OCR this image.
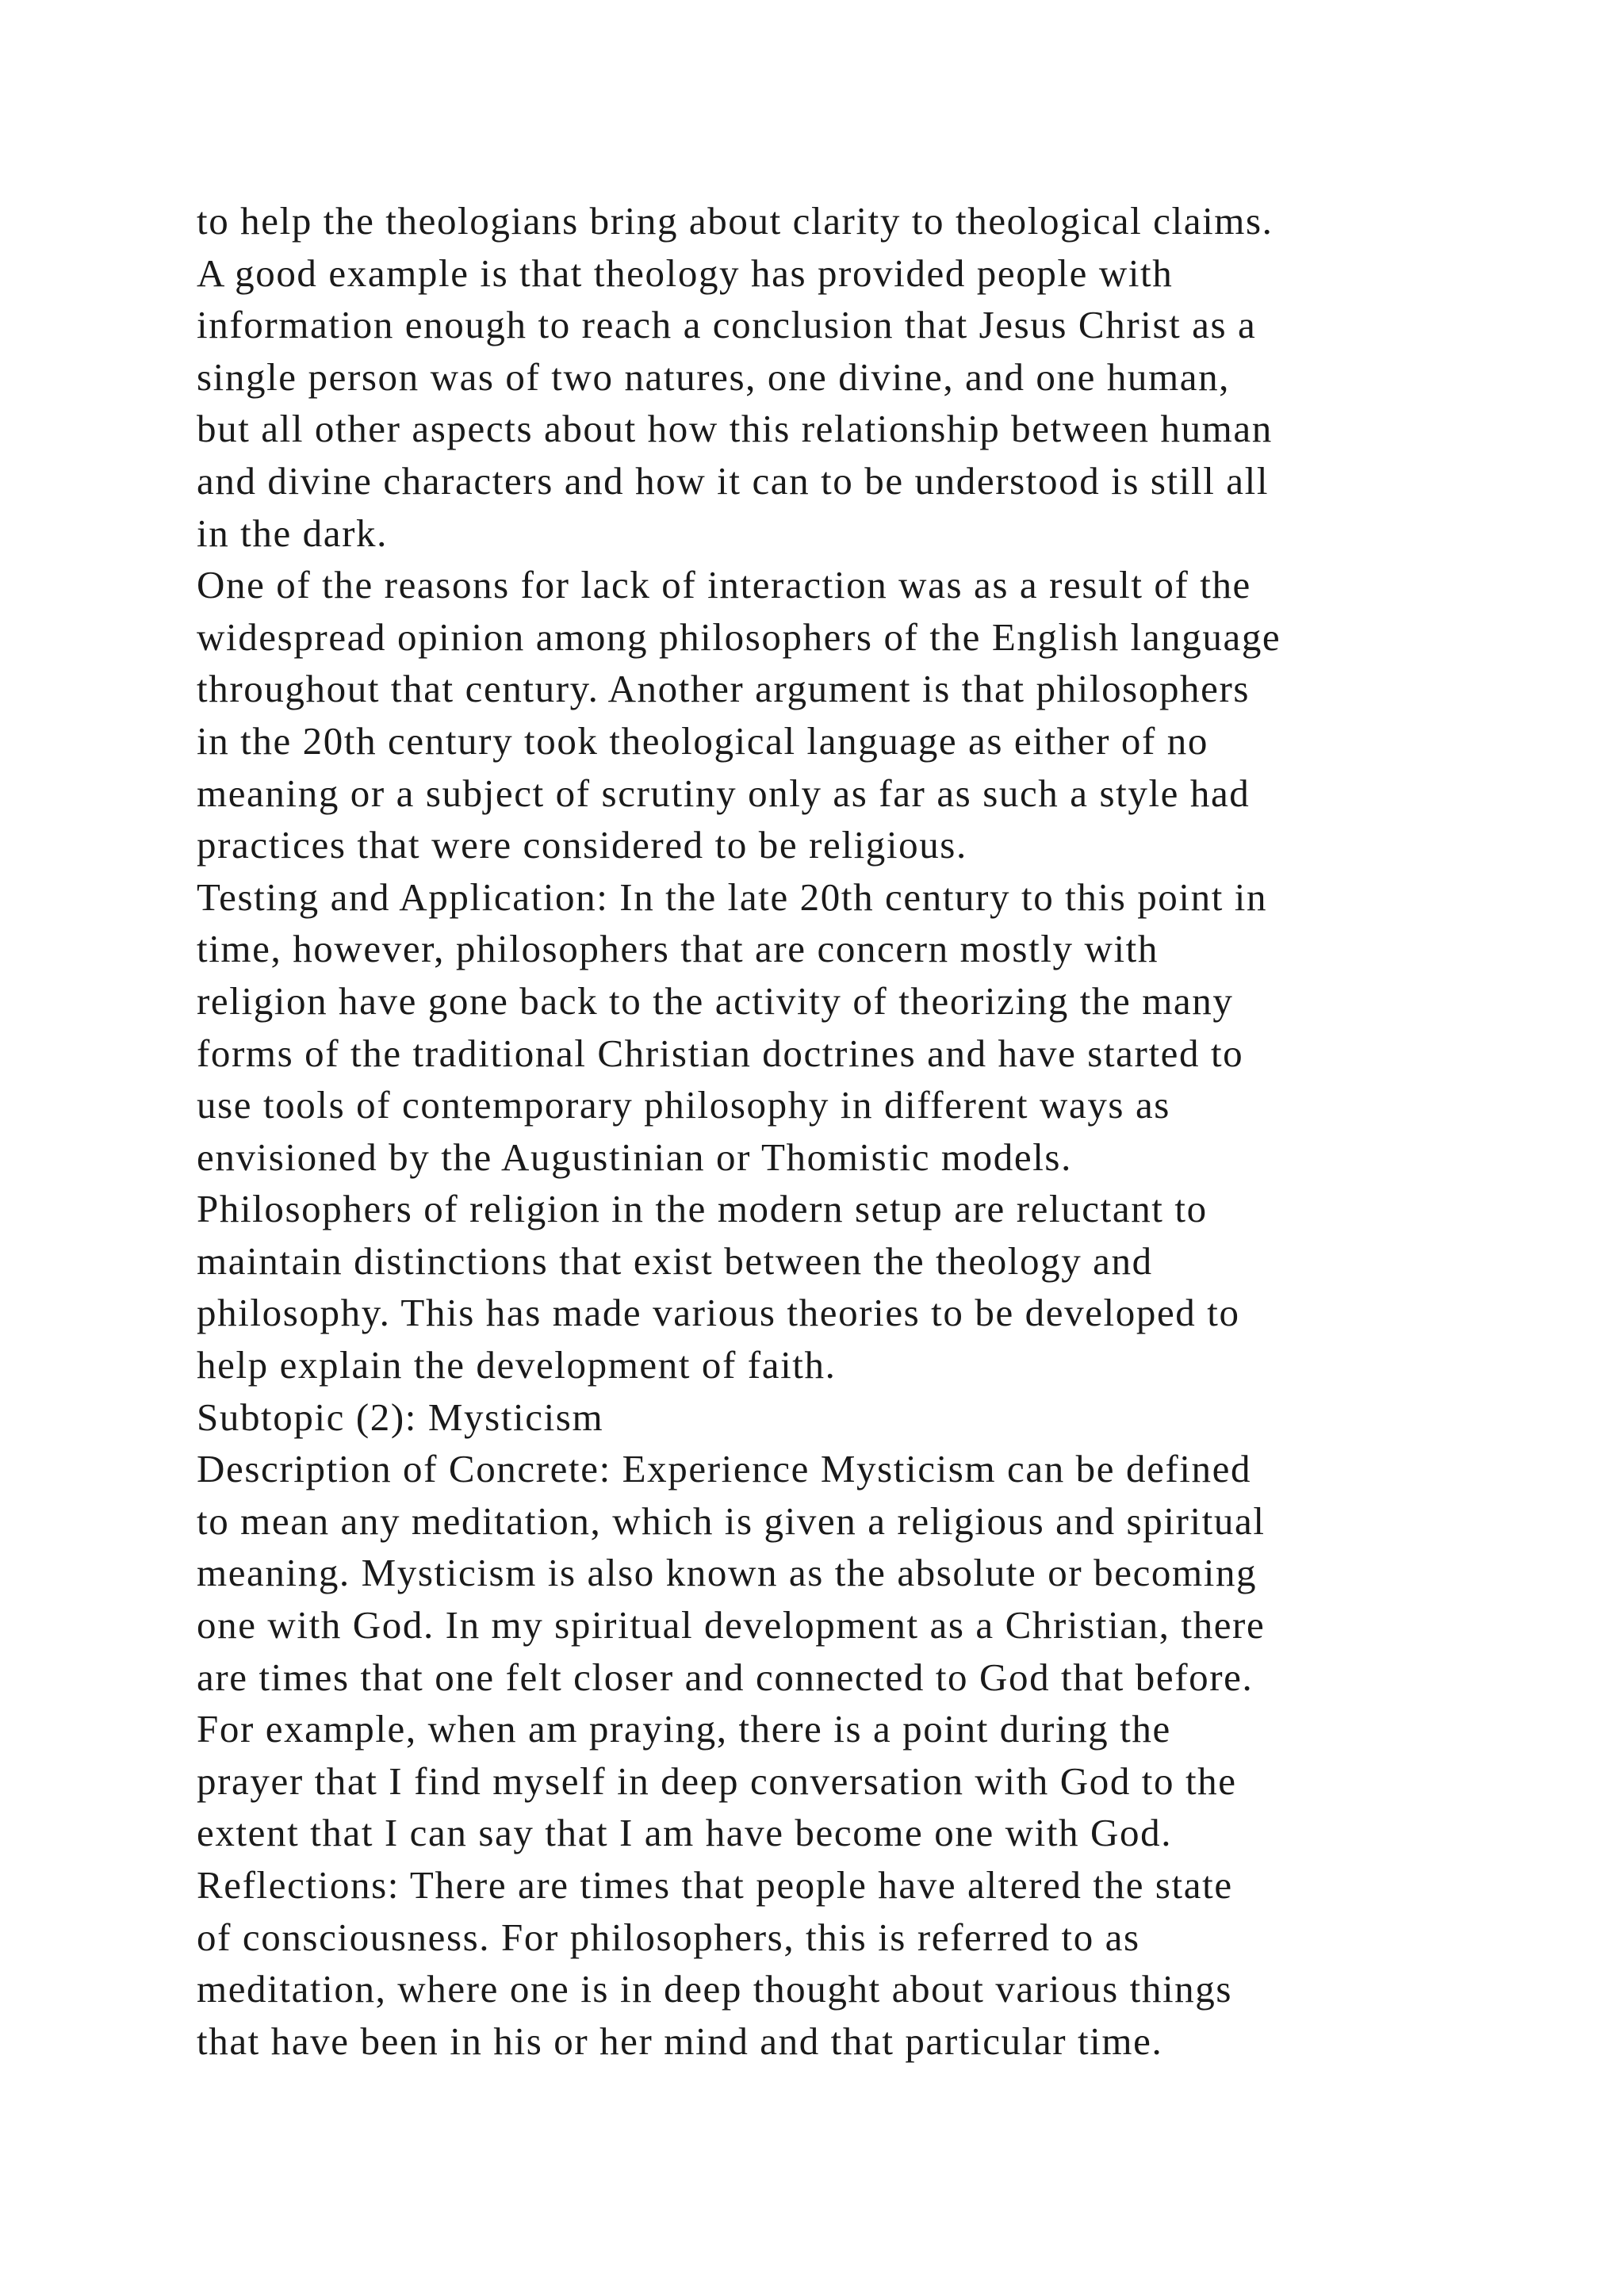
to help the theologians bring about clarity to theological claims.
A good example is that theology has provided people with
information enough to reach a conclusion that Jesus Christ as a
single person was of two natures, one divine, and one human,
but all other aspects about how this relationship between human
and divine characters and how it can to be understood is still all
in the dark.
One of the reasons for lack of interaction was as a result of the
widespread opinion among philosophers of the English language
throughout that century. Another argument is that philosophers
in the 20th century took theological language as either of no
meaning or a subject of scrutiny only as far as such a style had
practices that were considered to be religious.
Testing and Application: In the late 20th century to this point in
time, however, philosophers that are concern mostly with
religion have gone back to the activity of theorizing the many
forms of the traditional Christian doctrines and have started to
use tools of contemporary philosophy in different ways as
envisioned by the Augustinian or Thomistic models.
Philosophers of religion in the modern setup are reluctant to
maintain distinctions that exist between the theology and
philosophy. This has made various theories to be developed to
help explain the development of faith.
Subtopic (2): Mysticism
Description of Concrete: Experience Mysticism can be defined
to mean any meditation, which is given a religious and spiritual
meaning. Mysticism is also known as the absolute or becoming
one with God. In my spiritual development as a Christian, there
are times that one felt closer and connected to God that before.
For example, when am praying, there is a point during the
prayer that I find myself in deep conversation with God to the
extent that I can say that I am have become one with God.
Reflections: There are times that people have altered the state
of consciousness. For philosophers, this is referred to as
meditation, where one is in deep thought about various things
that have been in his or her mind and that particular time.
